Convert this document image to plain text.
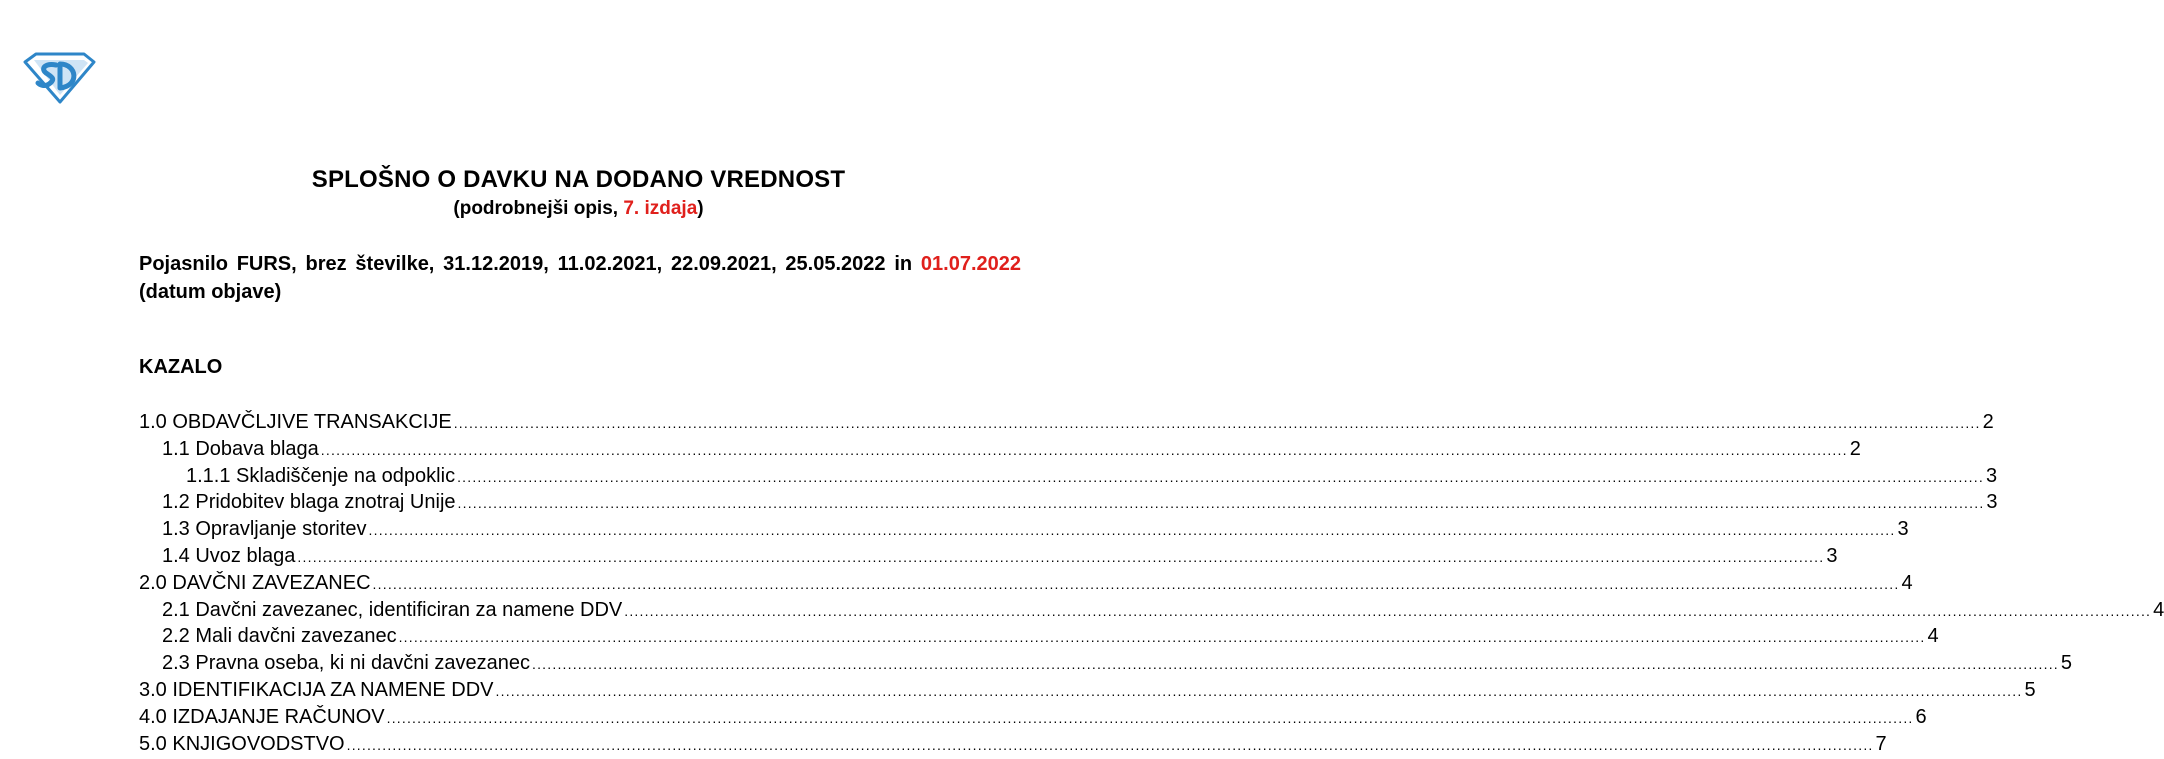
SPLOŠNO O DAVKU NA DODANO VREDNOST
(podrobnejši opis, 7. izdaja)
Pojasnilo FURS, brez številke, 31.12.2019, 11.02.2021, 22.09.2021, 25.05.2022 in 01.07.2022 (datum objave)
KAZALO
1.0 OBDAVČLJIVE TRANSAKCIJE ............................................................................................................................................................................................................................................................................................................ 2
1.1 Dobava blaga ............................................................................................................................................................................................................................................................................................................ 2
1.1.1 Skladiščenje na odpoklic ............................................................................................................................................................................................................................................................................................................ 3
1.2 Pridobitev blaga znotraj Unije ............................................................................................................................................................................................................................................................................................................ 3
1.3 Opravljanje storitev ............................................................................................................................................................................................................................................................................................................ 3
1.4 Uvoz blaga ............................................................................................................................................................................................................................................................................................................ 3
2.0 DAVČNI ZAVEZANEC ............................................................................................................................................................................................................................................................................................................ 4
2.1 Davčni zavezanec, identificiran za namene DDV ............................................................................................................................................................................................................................................................................................................ 4
2.2 Mali davčni zavezanec ............................................................................................................................................................................................................................................................................................................ 4
2.3 Pravna oseba, ki ni davčni zavezanec ............................................................................................................................................................................................................................................................................................................ 5
3.0 IDENTIFIKACIJA ZA NAMENE DDV ............................................................................................................................................................................................................................................................................................................ 5
4.0 IZDAJANJE RAČUNOV ............................................................................................................................................................................................................................................................................................................ 6
5.0 KNJIGOVODSTVO ............................................................................................................................................................................................................................................................................................................ 7
